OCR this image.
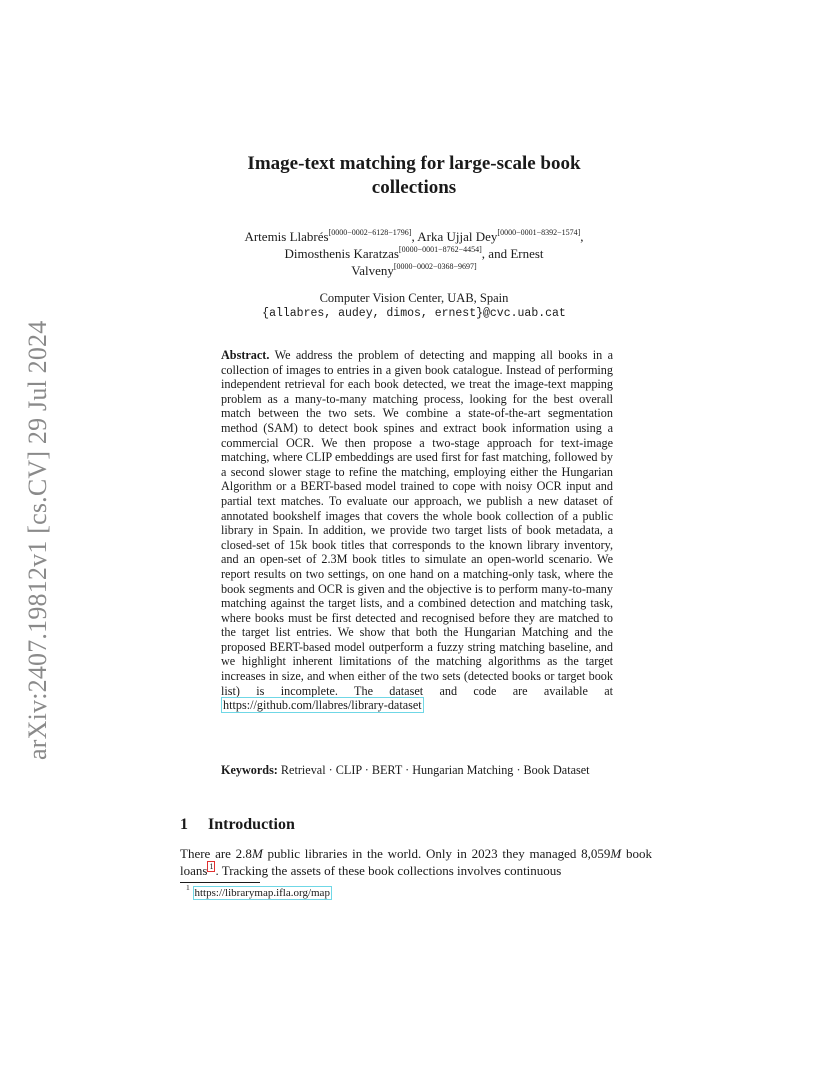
arXiv:2407.19812v1 [cs.CV] 29 Jul 2024
Image-text matching for large-scale book
collections
Artemis Llabrés[0000−0002−6128−1796], Arka Ujjal Dey[0000−0001−8392−1574],
Dimosthenis Karatzas[0000−0001−8762−4454], and Ernest
Valveny[0000−0002−0368−9697]
Computer Vision Center, UAB, Spain
{allabres, audey, dimos, ernest}@cvc.uab.cat
Abstract. We address the problem of detecting and mapping all books in a collection of images to entries in a given book catalogue. Instead of performing independent retrieval for each book detected, we treat the image-text mapping problem as a many-to-many matching process, looking for the best overall match between the two sets. We combine a state-of-the-art segmentation method (SAM) to detect book spines and extract book information using a commercial OCR. We then propose a two-stage approach for text-image matching, where CLIP embeddings are used first for fast matching, followed by a second slower stage to refine the matching, employing either the Hungarian Algorithm or a BERT-based model trained to cope with noisy OCR input and partial text matches. To evaluate our approach, we publish a new dataset of annotated bookshelf images that covers the whole book collection of a public library in Spain. In addition, we provide two target lists of book metadata, a closed-set of 15k book titles that corresponds to the known library inventory, and an open-set of 2.3M book titles to simulate an open-world scenario. We report results on two settings, on one hand on a matching-only task, where the book segments and OCR is given and the objective is to perform many-to-many matching against the target lists, and a combined detection and matching task, where books must be first detected and recognised before they are matched to the target list entries. We show that both the Hungarian Matching and the proposed BERT-based model outperform a fuzzy string matching baseline, and we highlight inherent limitations of the matching algorithms as the target increases in size, and when either of the two sets (detected books or target book list) is incomplete. The dataset and code are available at https://github.com/llabres/library-dataset
Keywords: Retrieval · CLIP · BERT · Hungarian Matching · Book Dataset
1 Introduction
There are 2.8M public libraries in the world. Only in 2023 they managed 8,059M book loans $^1$ . Tracking the assets of these book collections involves continuous
$^1$ https://librarymap.ifla.org/map
